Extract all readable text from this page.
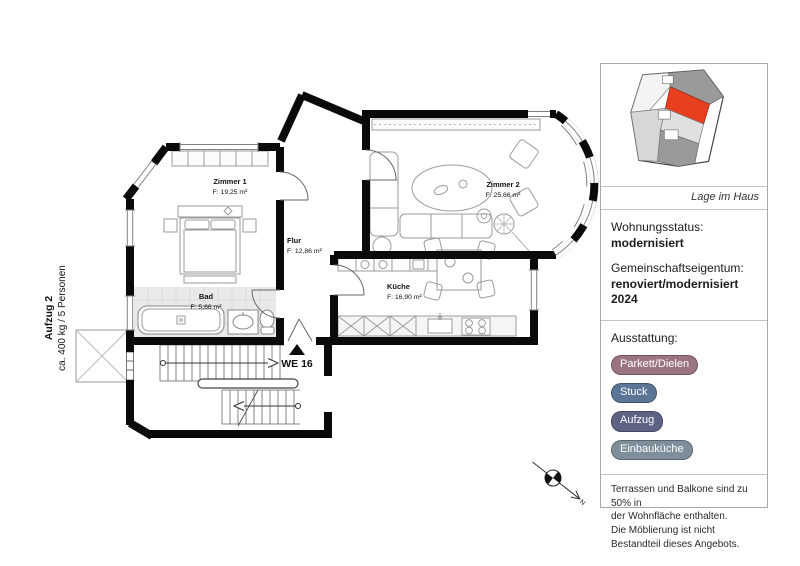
WE 16
Aufzug 2 ca. 400 kg / 5 Personen
Zimmer 1
F: 19,25 m²
Zimmer 2
F: 25,66 m²
Flur
F: 12,86 m²
Bad
F: 5,66 m²
Küche
F: 16,90 m²
N
Lage im Haus
Wohnungsstatus:
modernisiert
Gemeinschaftseigentum:
renoviert/modernisiert 2024
Ausstattung:
Parkett/Dielen
Stuck
Aufzug
Einbauküche
Terrassen und Balkone sind zu 50% in
der Wohnfläche enthalten.
Die Möblierung ist nicht
Bestandteil dieses Angebots.
